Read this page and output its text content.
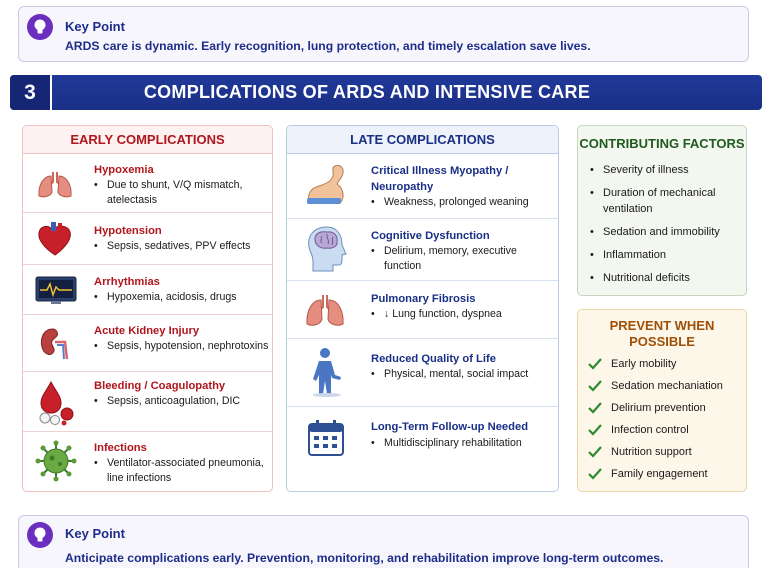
Key Point
ARDS care is dynamic. Early recognition, lung protection, and timely escalation save lives.
3	COMPLICATIONS OF ARDS AND INTENSIVE CARE
EARLY COMPLICATIONS
Hypoxemia
• Due to shunt, V/Q mismatch, atelectasis
Hypotension
• Sepsis, sedatives, PPV effects
Arrhythmias
• Hypoxemia, acidosis, drugs
Acute Kidney Injury
• Sepsis, hypotension, nephrotoxins
Bleeding / Coagulopathy
• Sepsis, anticoagulation, DIC
Infections
• Ventilator-associated pneumonia, line infections
LATE COMPLICATIONS
Critical Illness Myopathy / Neuropathy
• Weakness, prolonged weaning
Cognitive Dysfunction
• Delirium, memory, executive function
Pulmonary Fibrosis
• ↓ Lung function, dyspnea
Reduced Quality of Life
• Physical, mental, social impact
Long-Term Follow-up Needed
• Multidisciplinary rehabilitation
CONTRIBUTING FACTORS
• Severity of illness
• Duration of mechanical ventilation
• Sedation and immobility
• Inflammation
• Nutritional deficits
PREVENT WHEN POSSIBLE
Early mobility
Sedation mechaniation
Delirium prevention
Infection control
Nutrition support
Family engagement
Key Point
Anticipate complications early. Prevention, monitoring, and rehabilitation improve long-term outcomes.
